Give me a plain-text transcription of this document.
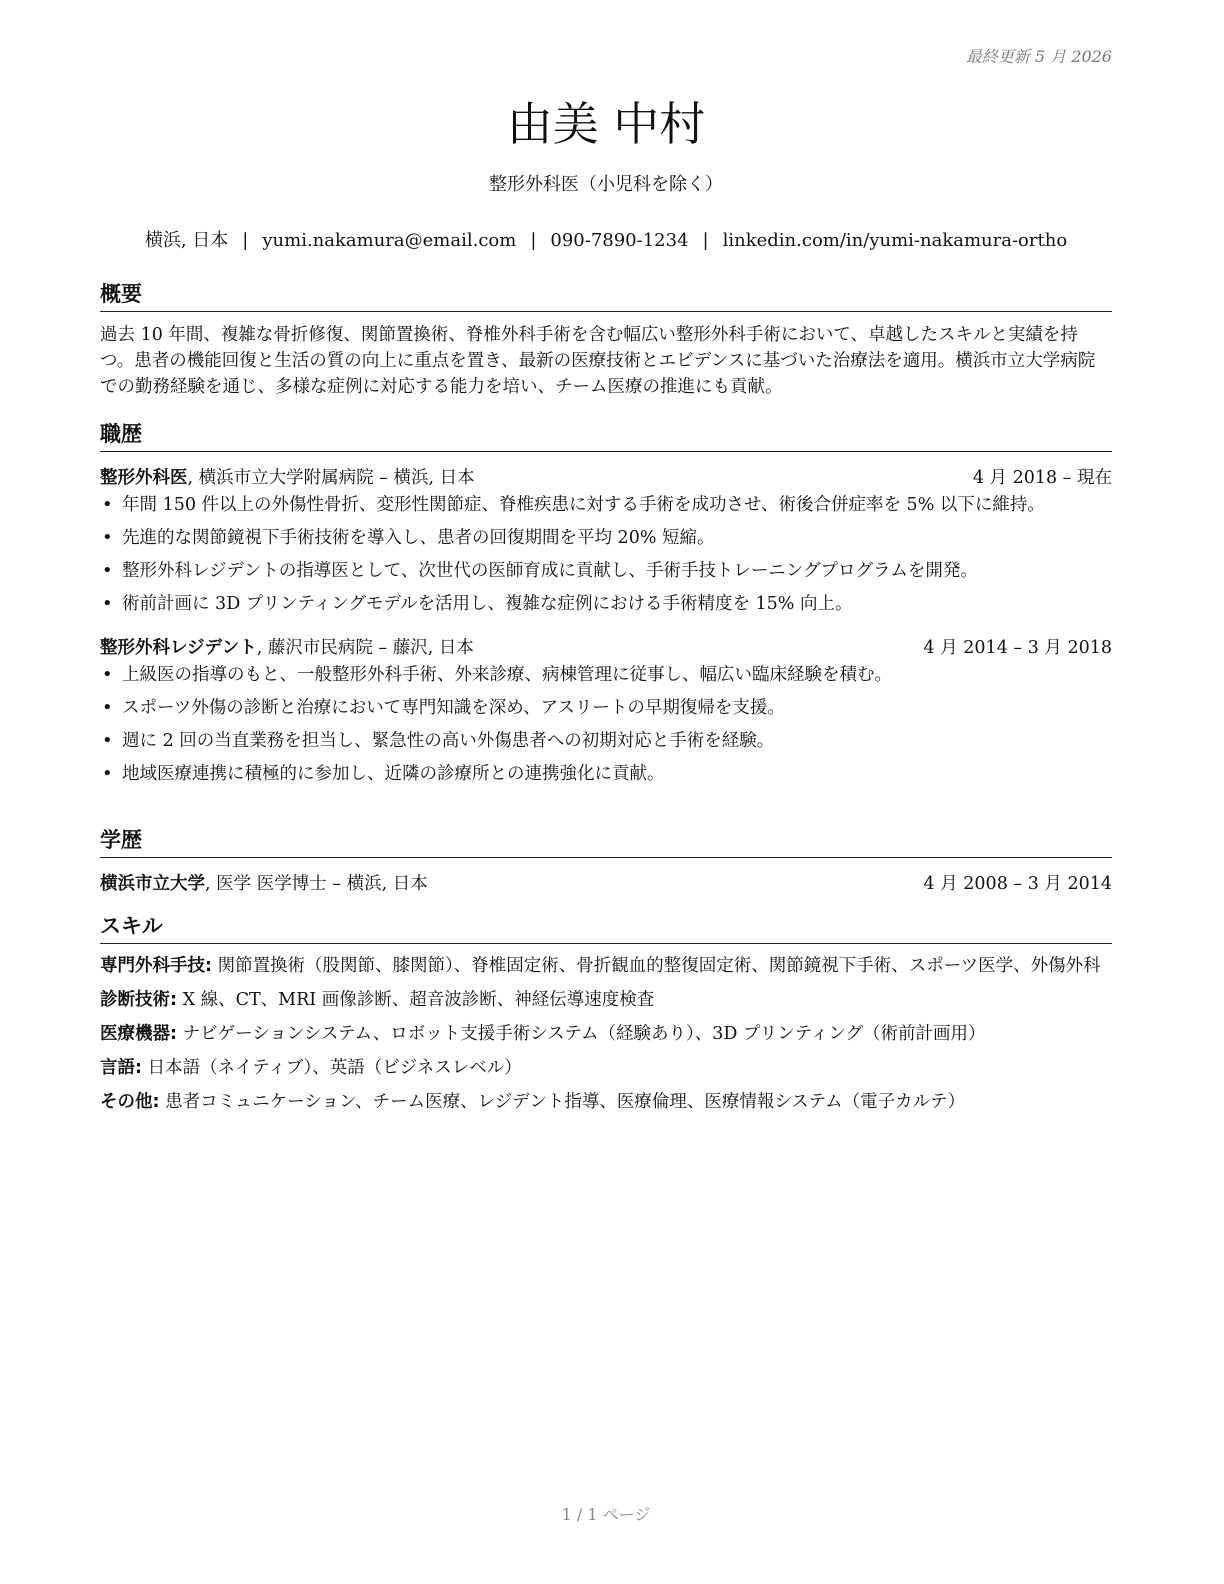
最終更新 5 月 2026
由美 中村
整形外科医（小児科を除く）
横浜, 日本 | yumi.nakamura@email.com | 090-7890-1234 | linkedin.com/in/yumi-nakamura-ortho
概要
過去 10 年間、複雑な骨折修復、関節置換術、脊椎外科手術を含む幅広い整形外科手術において、卓越したスキルと実績を持つ。患者の機能回復と生活の質の向上に重点を置き、最新の医療技術とエビデンスに基づいた治療法を適用。横浜市立大学病院での勤務経験を通じ、多様な症例に対応する能力を培い、チーム医療の推進にも貢献。
職歴
整形外科医, 横浜市立大学附属病院 – 横浜, 日本	4 月 2018 – 現在
• 年間 150 件以上の外傷性骨折、変形性関節症、脊椎疾患に対する手術を成功させ、術後合併症率を 5% 以下に維持。
• 先進的な関節鏡視下手術技術を導入し、患者の回復期間を平均 20% 短縮。
• 整形外科レジデントの指導医として、次世代の医師育成に貢献し、手術手技トレーニングプログラムを開発。
• 術前計画に 3D プリンティングモデルを活用し、複雑な症例における手術精度を 15% 向上。
整形外科レジデント, 藤沢市民病院 – 藤沢, 日本	4 月 2014 – 3 月 2018
• 上級医の指導のもと、一般整形外科手術、外来診療、病棟管理に従事し、幅広い臨床経験を積む。
• スポーツ外傷の診断と治療において専門知識を深め、アスリートの早期復帰を支援。
• 週に 2 回の当直業務を担当し、緊急性の高い外傷患者への初期対応と手術を経験。
• 地域医療連携に積極的に参加し、近隣の診療所との連携強化に貢献。
学歴
横浜市立大学, 医学 医学博士 – 横浜, 日本	4 月 2008 – 3 月 2014
スキル
専門外科手技: 関節置換術（股関節、膝関節）、脊椎固定術、骨折観血的整復固定術、関節鏡視下手術、スポーツ医学、外傷外科
診断技術: X 線、CT、MRI 画像診断、超音波診断、神経伝導速度検査
医療機器: ナビゲーションシステム、ロボット支援手術システム（経験あり）、3D プリンティング（術前計画用）
言語: 日本語（ネイティブ）、英語（ビジネスレベル）
その他: 患者コミュニケーション、チーム医療、レジデント指導、医療倫理、医療情報システム（電子カルテ）
1 / 1 ページ
